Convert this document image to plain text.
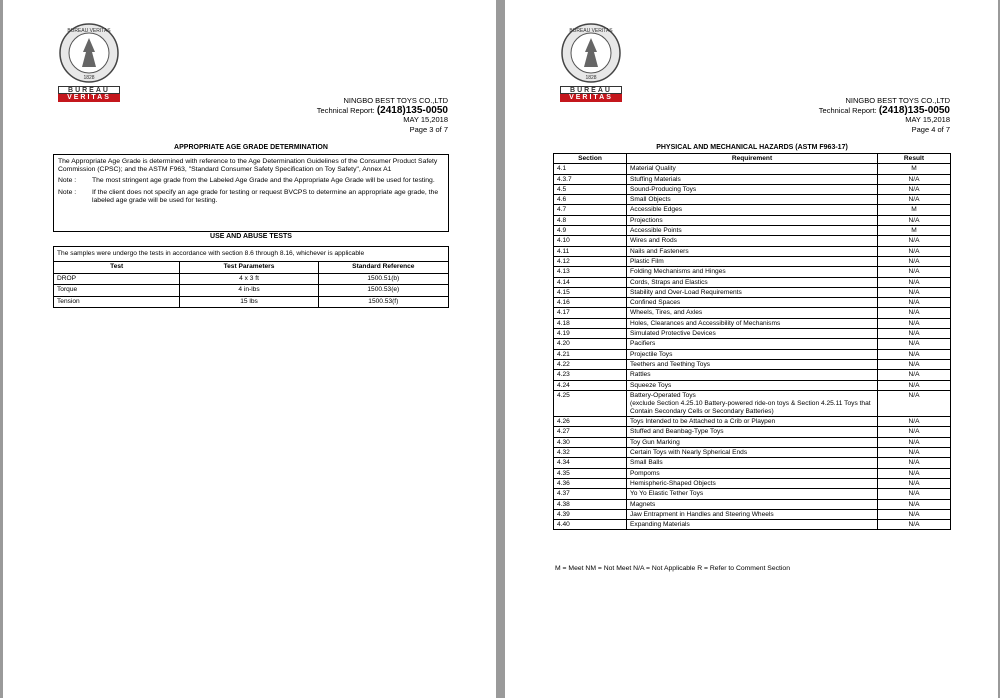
BUREAU VERITAS
1828
BUREAU
VERITAS	NINGBO BEST TOYS CO.,LTD
Technical Report: (2418)135-0050
MAY 15,2018
Page 3 of 7
APPROPRIATE AGE GRADE DETERMINATION

The Appropriate Age Grade is determined with reference to the Age Determination Guidelines of the Consumer Product Safety Commission (CPSC); and the ASTM F963, "Standard Consumer Safety Specification on Toy Safety", Annex A1

Note :	The most stringent age grade from the Labeled Age Grade and the Appropriate Age Grade will be used for testing.
Note :	If the client does not specify an age grade for testing or request BVCPS to determine an appropriate age grade, the labeled age grade will be used for testing.
USE AND ABUSE TESTS
The samples were undergo the tests in accordance with section 8.6 through 8.16, whichever is applicable		
Test	Test Parameters	Standard Reference
DROP	4 x 3 ft	1500.51(b)
Torque	4 in-lbs	1500.53(e)
Tension	15 lbs	1500.53(f)
BUREAU VERITAS
1828
BUREAU
VERITAS	NINGBO BEST TOYS CO.,LTD
Technical Report: (2418)135-0050
MAY 15,2018
Page 4 of 7
PHYSICAL AND MECHANICAL HAZARDS (ASTM F963-17)
Section	Requirement	Result
4.1	Material Quality	M
4.3.7	Stuffing Materials	N/A
4.5	Sound-Producing Toys	N/A
4.6	Small Objects	N/A
4.7	Accessible Edges	M
4.8	Projections	N/A
4.9	Accessible Points	M
4.10	Wires and Rods	N/A
4.11	Nails and Fasteners	N/A
4.12	Plastic Film	N/A
4.13	Folding Mechanisms and Hinges	N/A
4.14	Cords, Straps and Elastics	N/A
4.15	Stability and Over-Load Requirements	N/A
4.16	Confined Spaces	N/A
4.17	Wheels, Tires, and Axles	N/A
4.18	Holes, Clearances and Accessibility of Mechanisms	N/A
4.19	Simulated Protective Devices	N/A
4.20	Pacifiers	N/A
4.21	Projectile Toys	N/A
4.22	Teethers and Teething Toys	N/A
4.23	Rattles	N/A
4.24	Squeeze Toys	N/A
4.25	Battery-Operated Toys
(exclude Section 4.25.10 Battery-powered ride-on toys & Section 4.25.11 Toys that Contain Secondary Cells or Secondary Batteries)	N/A
4.26	Toys Intended to be Attached to a Crib or Playpen	N/A
4.27	Stuffed and Beanbag-Type Toys	N/A
4.30	Toy Gun Marking	N/A
4.32	Certain Toys with Nearly Spherical Ends	N/A
4.34	Small Balls	N/A
4.35	Pompoms	N/A
4.36	Hemispheric-Shaped Objects	N/A
4.37	Yo Yo Elastic Tether Toys	N/A
4.38	Magnets	N/A
4.39	Jaw Entrapment in Handles and Steering Wheels	N/A
4.40	Expanding Materials	N/A
M = Meet NM = Not Meet N/A = Not Applicable R = Refer to Comment Section
